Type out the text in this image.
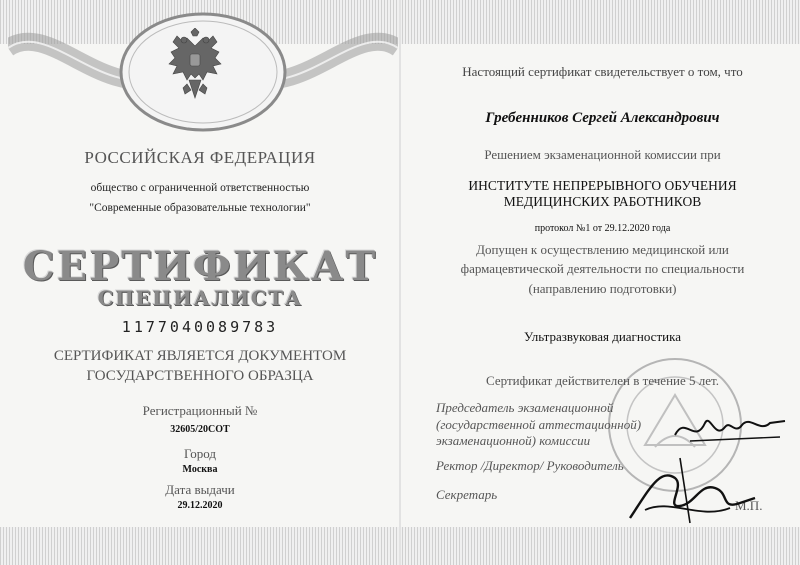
РОССИЙСКАЯ ФЕДЕРАЦИЯ
общество с ограниченной ответственностью
"Современные образовательные технологии"
СЕРТИФИКАТ
СПЕЦИАЛИСТА
1177040089783
СЕРТИФИКАТ ЯВЛЯЕТСЯ ДОКУМЕНТОМ
ГОСУДАРСТВЕННОГО ОБРАЗЦА
Регистрационный №
32605/20СОТ
Город
Москва
Дата выдачи
29.12.2020
Настоящий сертификат свидетельствует о том, что
Гребенников Сергей Александрович
Решением экзаменационной комиссии при
ИНСТИТУТЕ НЕПРЕРЫВНОГО ОБУЧЕНИЯ
МЕДИЦИНСКИХ РАБОТНИКОВ
протокол №1 от 29.12.2020 года
Допущен к осуществлению медицинской или
фармацевтической деятельности по специальности
(направлению подготовки)
Ультразвуковая диагностика
Сертификат действителен в течение 5 лет.
Председатель экзаменационной
(государственной аттестационной)
экзаменационной) комиссии
Ректор /Директор/ Руководитель
Секретарь
М.П.
